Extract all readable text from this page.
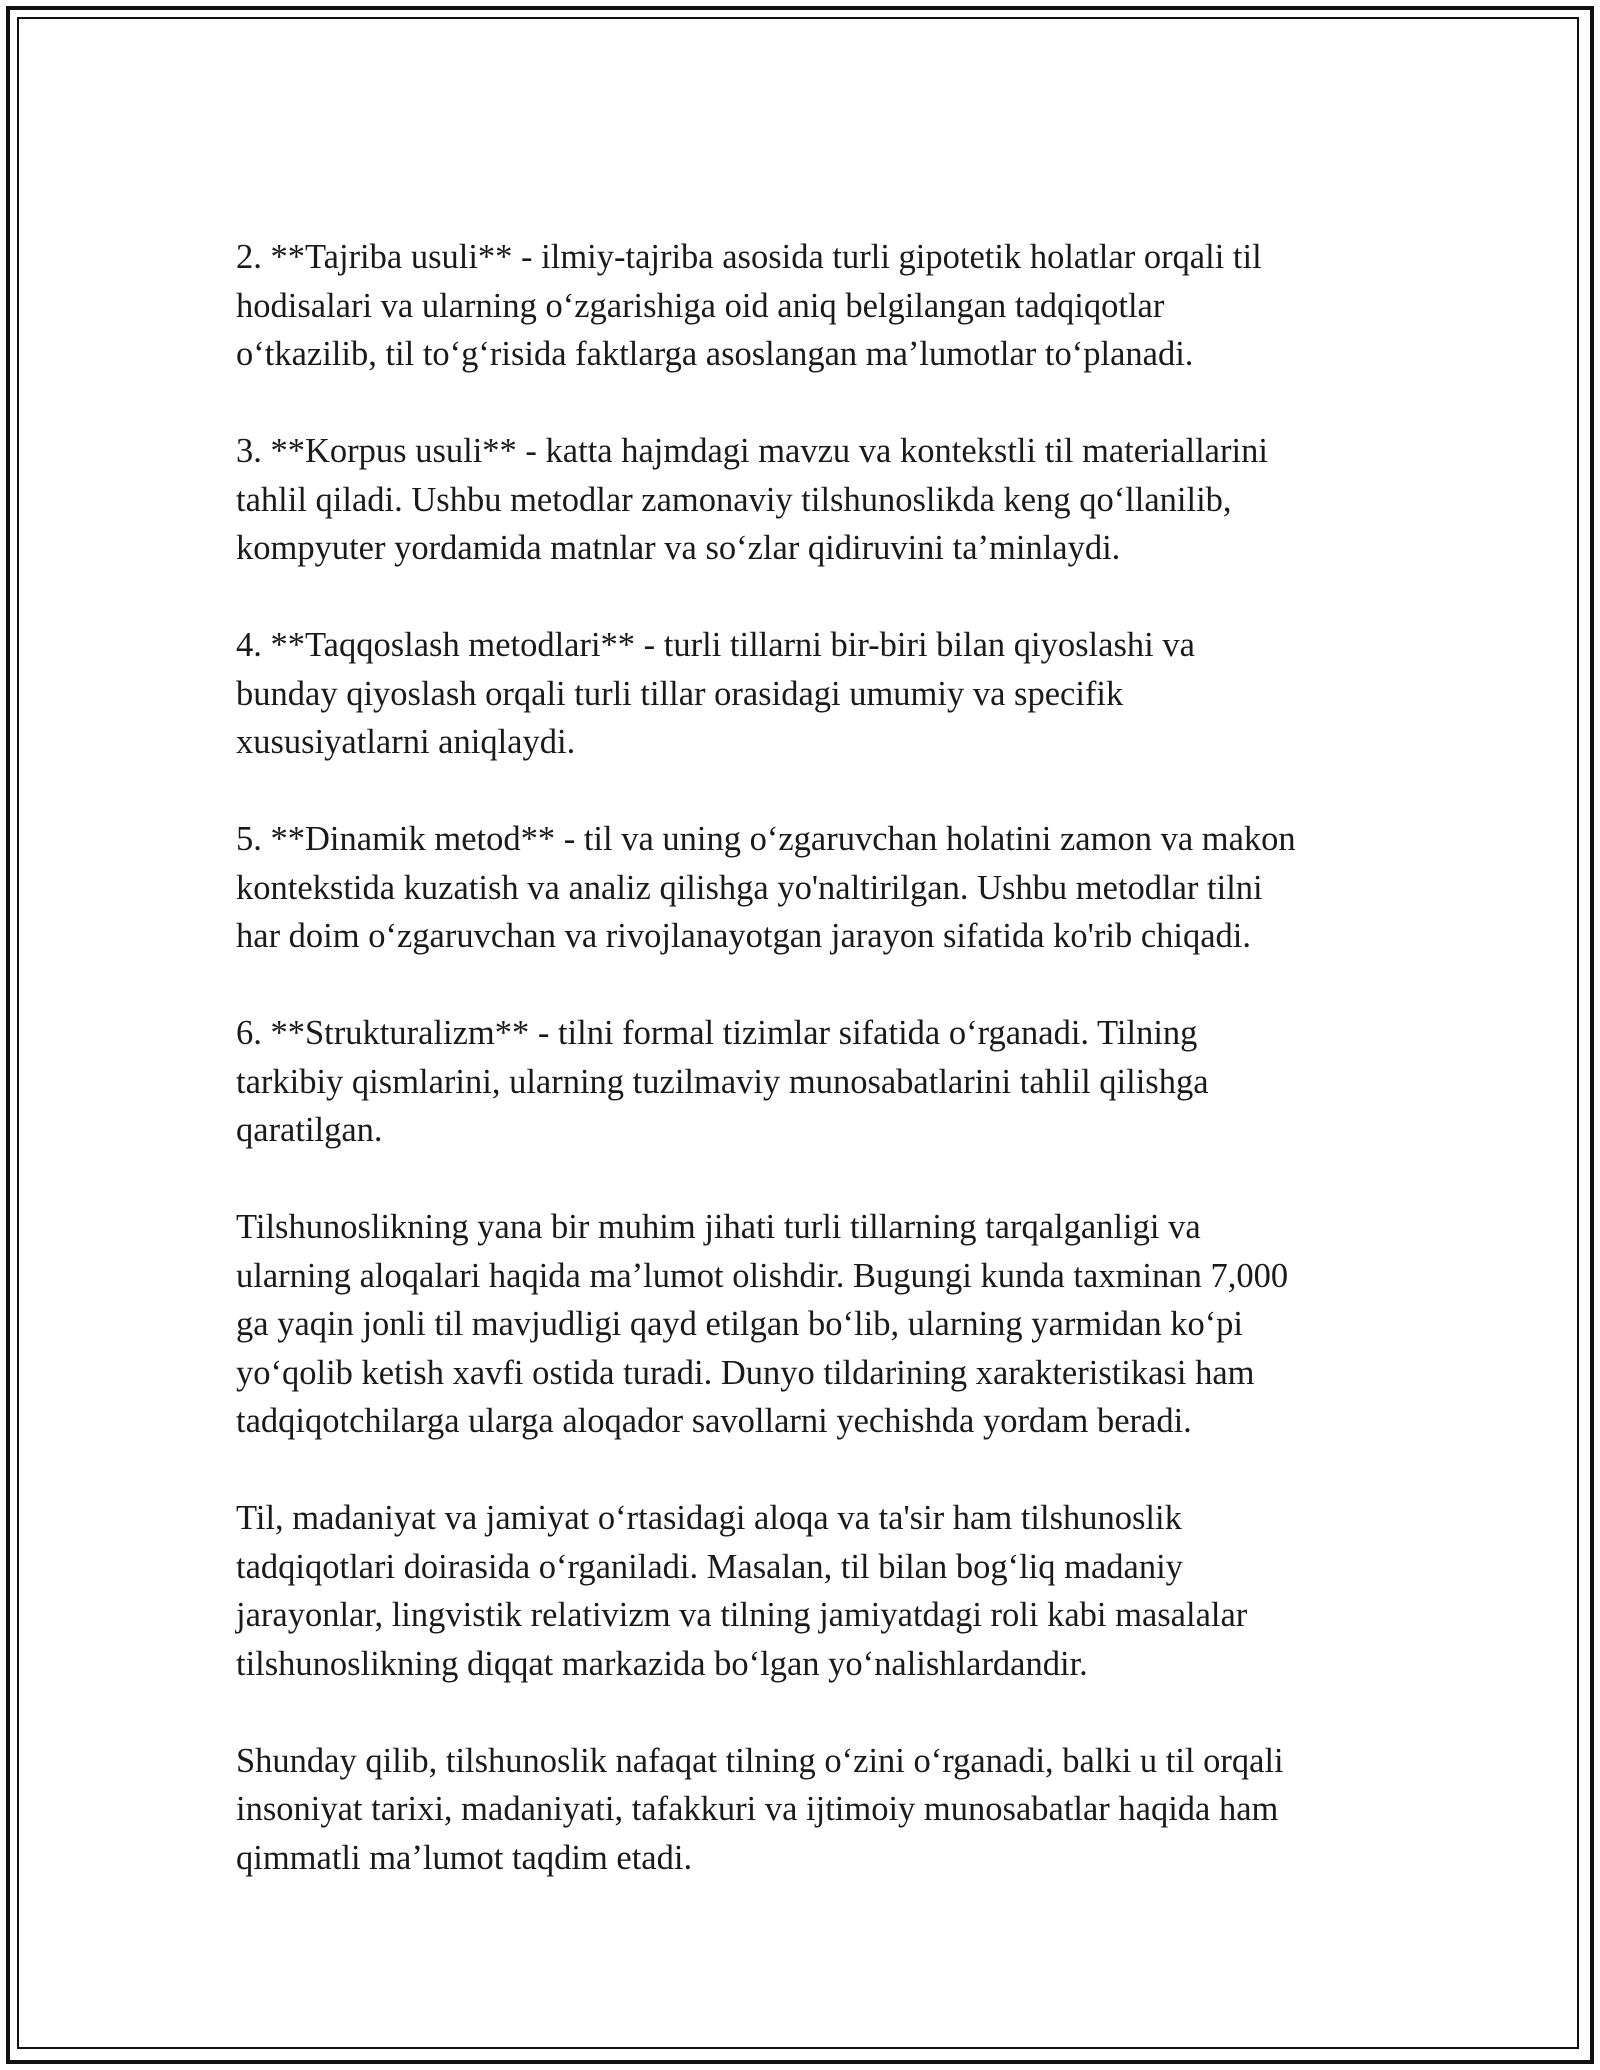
2. **Tajriba usuli** - ilmiy-tajriba asosida turli gipotetik holatlar orqali til
hodisalari va ularning oʻzgarishiga oid aniq belgilangan tadqiqotlar
oʻtkazilib, til toʻgʻrisida faktlarga asoslangan maʼlumotlar toʻplanadi.

3. **Korpus usuli** - katta hajmdagi mavzu va kontekstli til materiallarini
tahlil qiladi. Ushbu metodlar zamonaviy tilshunoslikda keng qoʻllanilib,
kompyuter yordamida matnlar va soʻzlar qidiruvini taʼminlaydi.

4. **Taqqoslash metodlari** - turli tillarni bir-biri bilan qiyoslashi va
bunday qiyoslash orqali turli tillar orasidagi umumiy va specifik
xususiyatlarni aniqlaydi.

5. **Dinamik metod** - til va uning oʻzgaruvchan holatini zamon va makon
kontekstida kuzatish va analiz qilishga yo'naltirilgan. Ushbu metodlar tilni
har doim oʻzgaruvchan va rivojlanayotgan jarayon sifatida ko'rib chiqadi.

6. **Strukturalizm** - tilni formal tizimlar sifatida oʻrganadi. Tilning
tarkibiy qismlarini, ularning tuzilmaviy munosabatlarini tahlil qilishga
qaratilgan.

Tilshunoslikning yana bir muhim jihati turli tillarning tarqalganligi va
ularning aloqalari haqida maʼlumot olishdir. Bugungi kunda taxminan 7,000
ga yaqin jonli til mavjudligi qayd etilgan boʻlib, ularning yarmidan koʻpi
yoʻqolib ketish xavfi ostida turadi. Dunyo tildarining xarakteristikasi ham
tadqiqotchilarga ularga aloqador savollarni yechishda yordam beradi.

Til, madaniyat va jamiyat oʻrtasidagi aloqa va ta'sir ham tilshunoslik
tadqiqotlari doirasida oʻrganiladi. Masalan, til bilan bogʻliq madaniy
jarayonlar, lingvistik relativizm va tilning jamiyatdagi roli kabi masalalar
tilshunoslikning diqqat markazida boʻlgan yoʻnalishlardandir.

Shunday qilib, tilshunoslik nafaqat tilning oʻzini oʻrganadi, balki u til orqali
insoniyat tarixi, madaniyati, tafakkuri va ijtimoiy munosabatlar haqida ham
qimmatli maʼlumot taqdim etadi.
